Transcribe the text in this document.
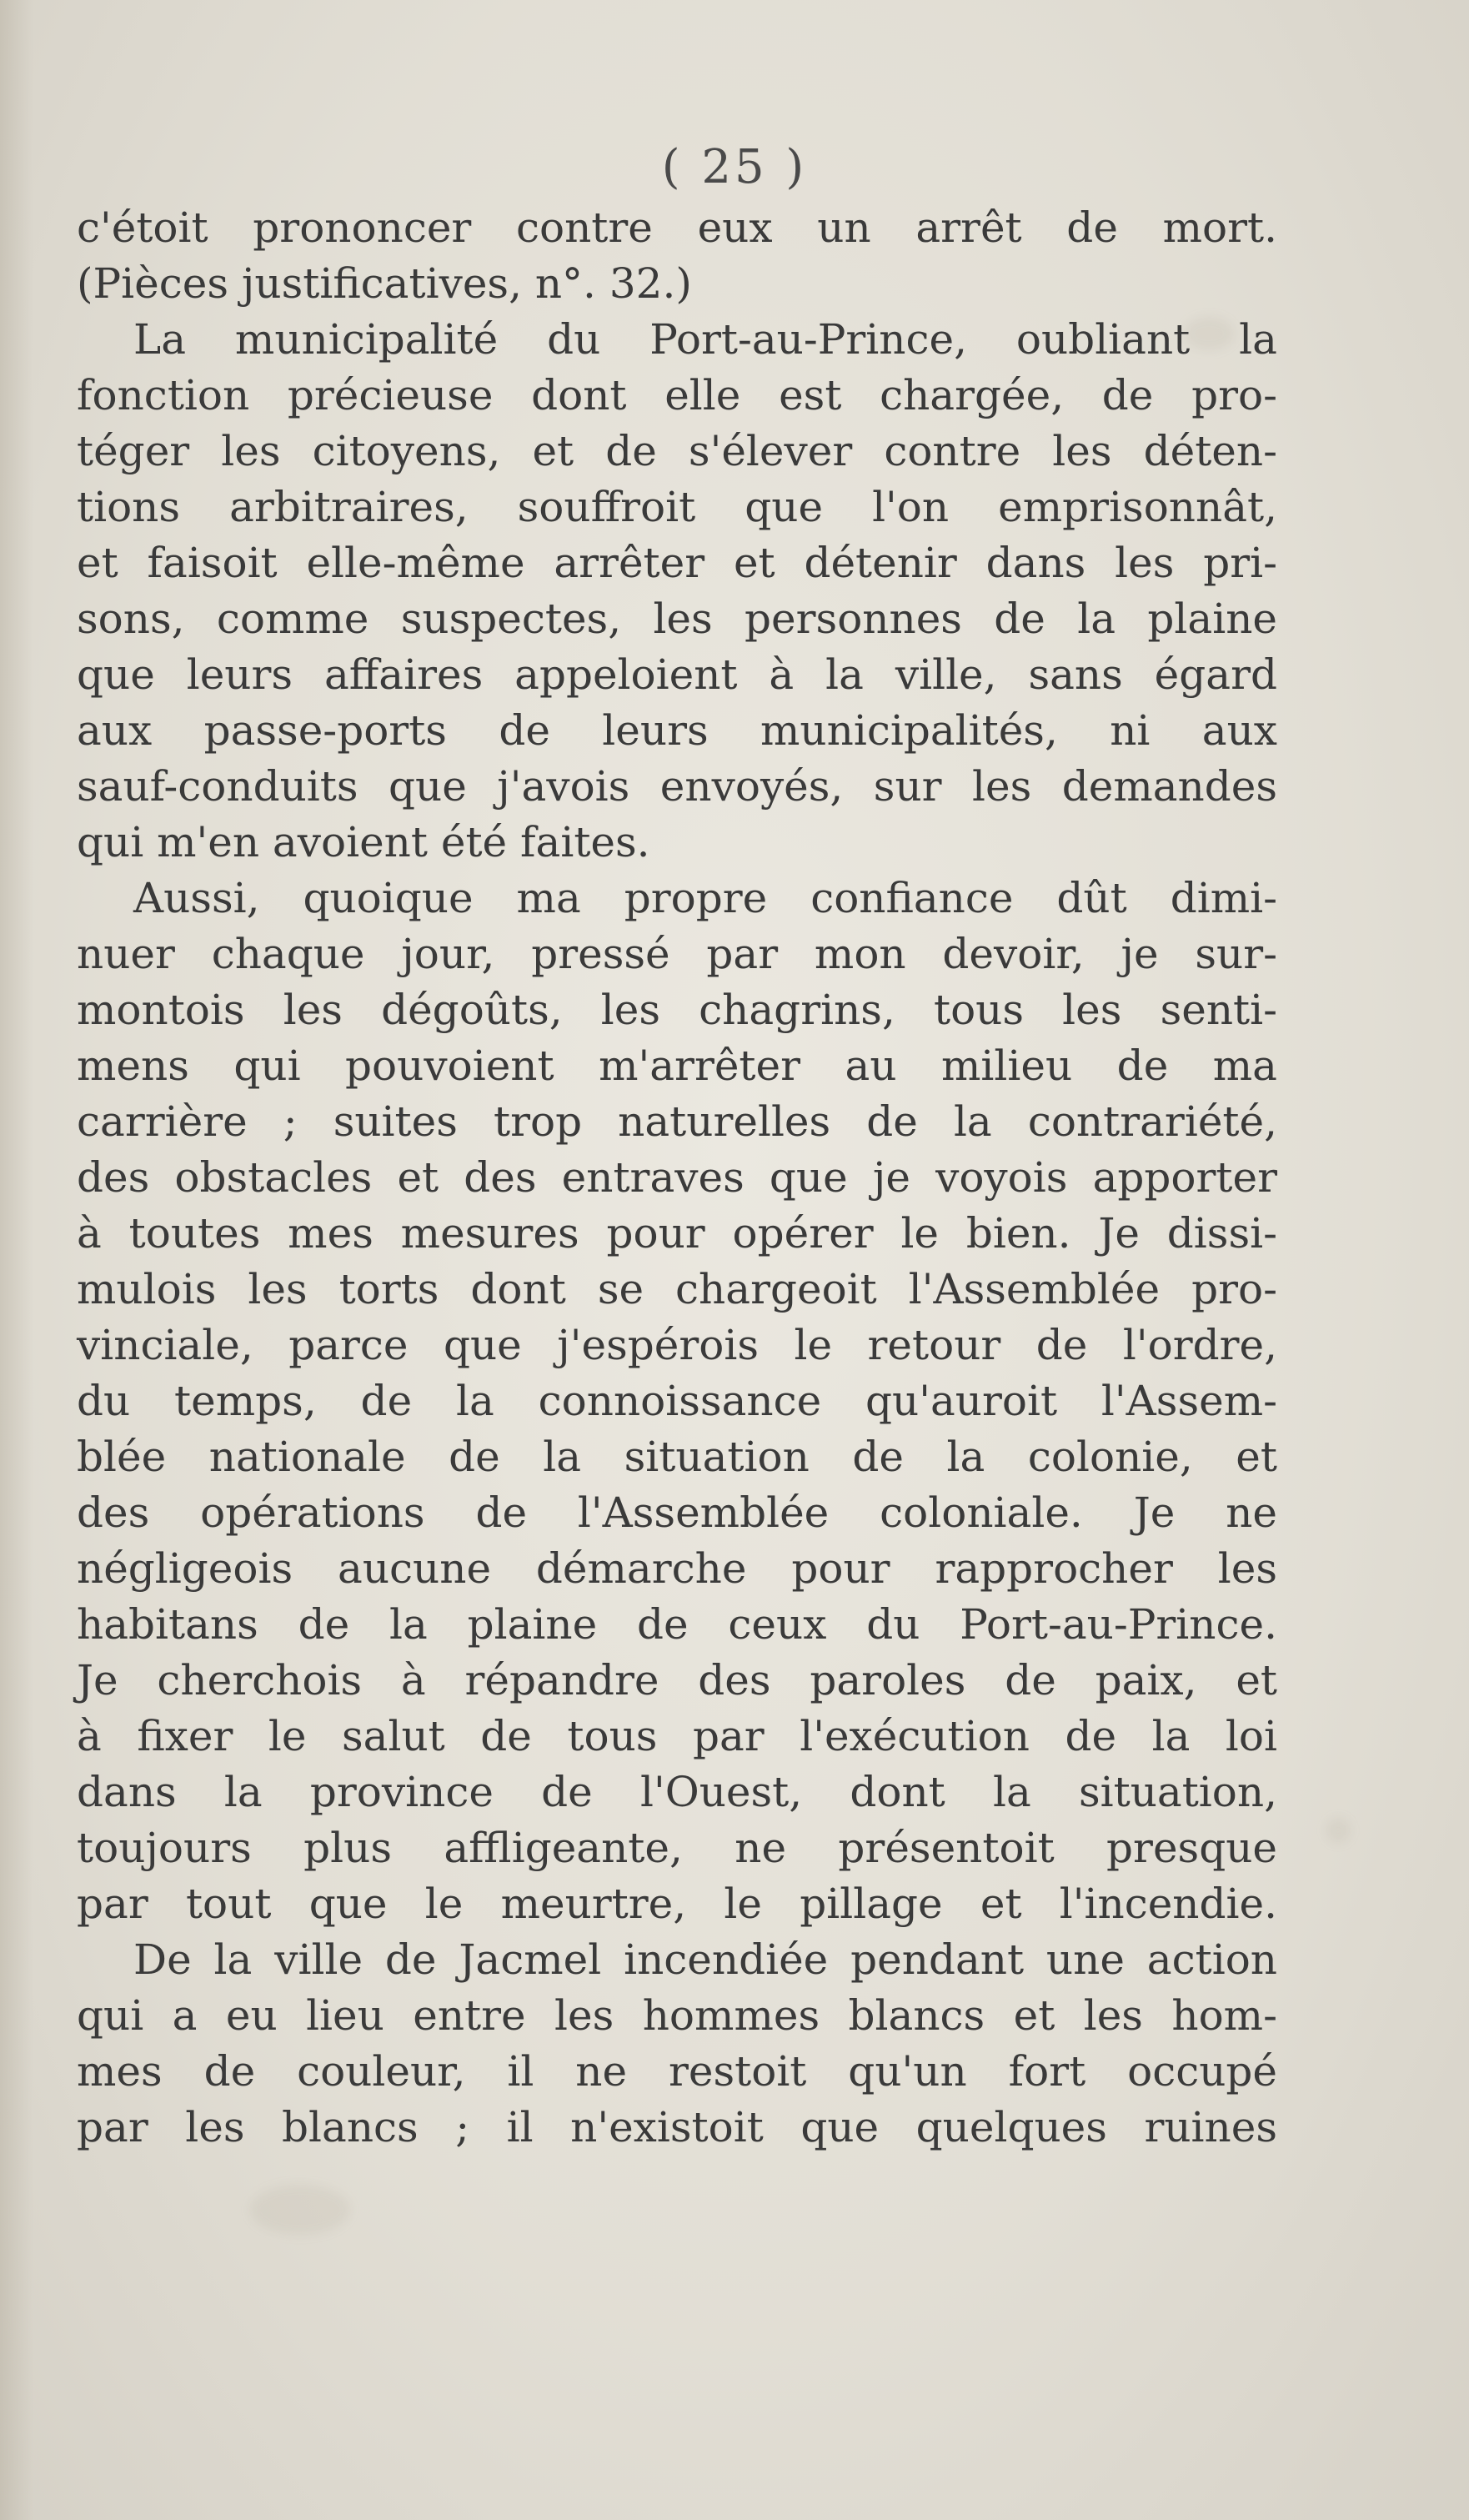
( 25 )
c'étoit prononcer contre eux un arrêt de mort.
(Pièces justificatives, n°. 32.)
La municipalité du Port-au-Prince, oubliant la
fonction précieuse dont elle est chargée, de pro-
téger les citoyens, et de s'élever contre les déten-
tions arbitraires, souffroit que l'on emprisonnât,
et faisoit elle-même arrêter et détenir dans les pri-
sons, comme suspectes, les personnes de la plaine
que leurs affaires appeloient à la ville, sans égard
aux passe-ports de leurs municipalités, ni aux
sauf-conduits que j'avois envoyés, sur les demandes
qui m'en avoient été faites.
Aussi, quoique ma propre confiance dût dimi-
nuer chaque jour, pressé par mon devoir, je sur-
montois les dégoûts, les chagrins, tous les senti-
mens qui pouvoient m'arrêter au milieu de ma
carrière ; suites trop naturelles de la contrariété,
des obstacles et des entraves que je voyois apporter
à toutes mes mesures pour opérer le bien. Je dissi-
mulois les torts dont se chargeoit l'Assemblée pro-
vinciale, parce que j'espérois le retour de l'ordre,
du temps, de la connoissance qu'auroit l'Assem-
blée nationale de la situation de la colonie, et
des opérations de l'Assemblée coloniale. Je ne
négligeois aucune démarche pour rapprocher les
habitans de la plaine de ceux du Port-au-Prince.
Je cherchois à répandre des paroles de paix, et
à fixer le salut de tous par l'exécution de la loi
dans la province de l'Ouest, dont la situation,
toujours plus affligeante, ne présentoit presque
par tout que le meurtre, le pillage et l'incendie.
De la ville de Jacmel incendiée pendant une action
qui a eu lieu entre les hommes blancs et les hom-
mes de couleur, il ne restoit qu'un fort occupé
par les blancs ; il n'existoit que quelques ruines
